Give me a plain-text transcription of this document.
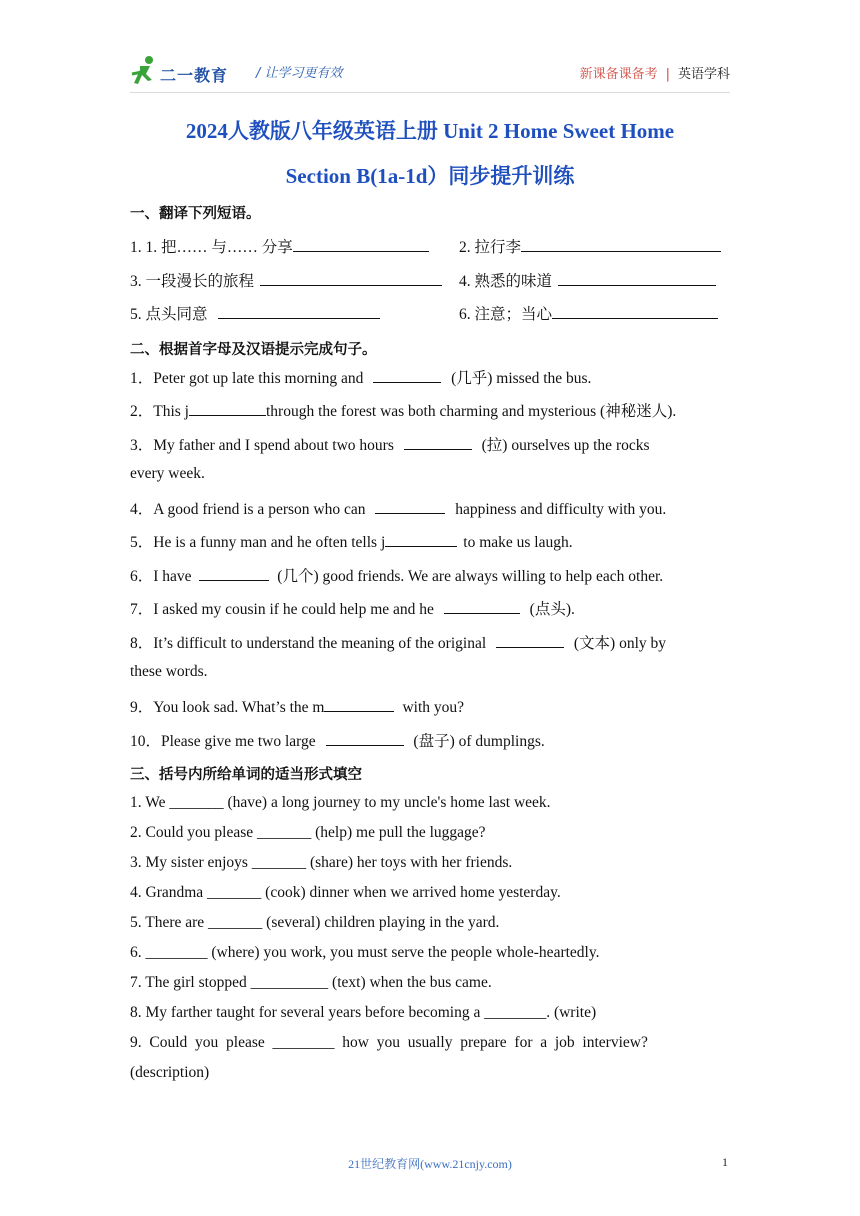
二一教育 / 让学习更有效	新课备课备考 | 英语学科
2024人教版八年级英语上册 Unit 2 Home Sweet Home
Section B(1a-1d）同步提升训练
一、翻译下列短语。
1. 1. 把…… 与…… 分享	2. 拉行李
3. 一段漫长的旅程	4. 熟悉的味道
5. 点头同意	6. 注意；当心
二、根据首字母及汉语提示完成句子。
1．Peter got up late this morning and	(几乎) missed the bus.
2．This j	through the forest was both charming and mysterious (神秘迷人).
3．My father and I spend about two hours	(拉) ourselves up the rocks
every week.
4．A good friend is a person who can	happiness and difficulty with you.
5．He is a funny man and he often tells j	to make us laugh.
6．I have	(几个) good friends. We are always willing to help each other.
7．I asked my cousin if he could help me and he	(点头).
8．It’s difficult to understand the meaning of the original	(文本) only by
these words.
9．You look sad. What’s the m	with you?
10．Please give me two large	(盘子) of dumplings.
三、括号内所给单词的适当形式填空
1. We _______ (have) a long journey to my uncle's home last week.
2. Could you please _______ (help) me pull the luggage?
3. My sister enjoys _______ (share) her toys with her friends.
4. Grandma _______ (cook) dinner when we arrived home yesterday.
5. There are _______ (several) children playing in the yard.
6. ________ (where) you work, you must serve the people whole-heartedly.
7. The girl stopped __________ (text) when the bus came.
8. My farther taught for several years before becoming a ________. (write)
9.  Could  you  please  ________  how  you  usually  prepare  for  a  job  interview?
(description)
21世纪教育网(www.21cnjy.com)	1
